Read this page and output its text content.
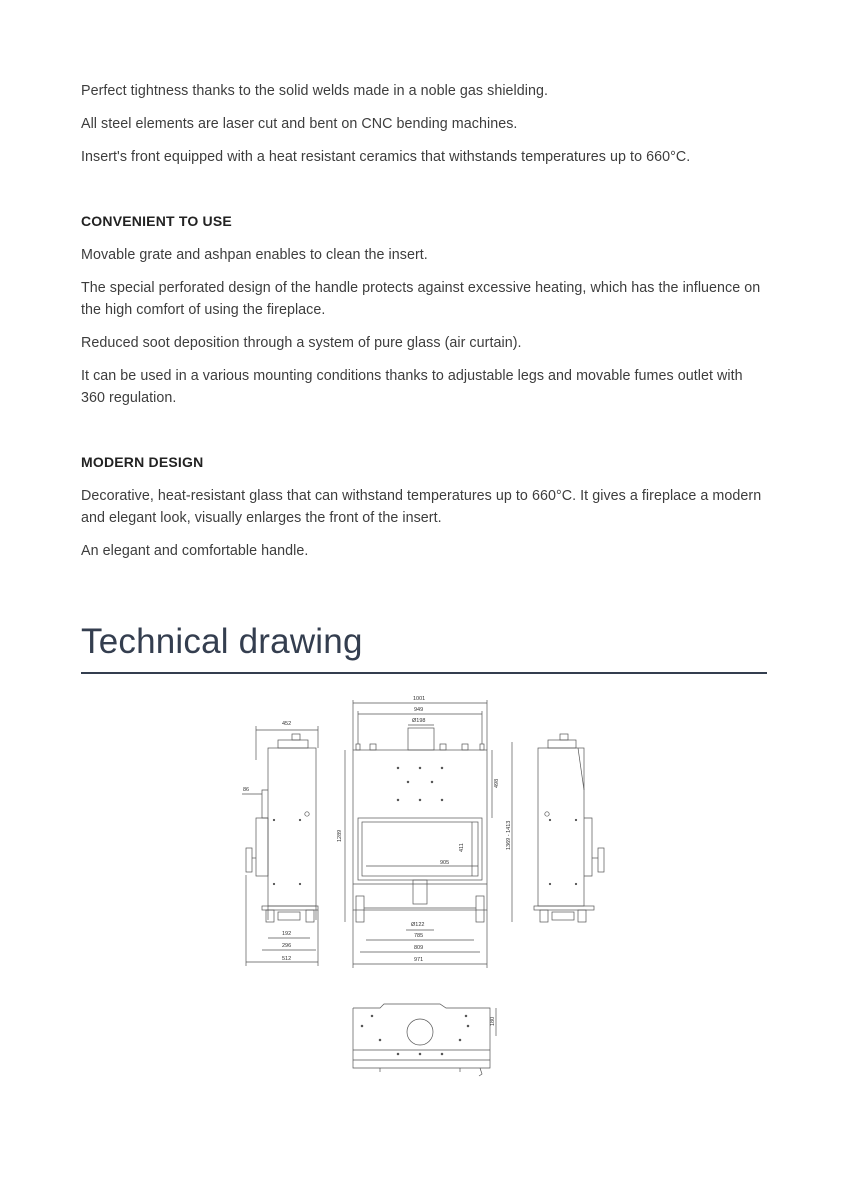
Perfect tightness thanks to the solid welds made in a noble gas shielding.

All steel elements are laser cut and bent on CNC bending machines.

Insert's front equipped with a heat resistant ceramics that withstands temperatures up to 660°C.

CONVENIENT TO USE

Movable grate and ashpan enables to clean the insert.

The special perforated design of the handle protects against excessive heating, which has the influence on the high comfort of using the fireplace.

Reduced soot deposition through a system of pure glass (air curtain).

It can be used in a various mounting conditions thanks to adjustable legs and movable fumes outlet with 360 regulation.

MODERN DESIGN

Decorative, heat-resistant glass that can withstand temperatures up to 660°C. It gives a fireplace a modern and elegant look, visually enlarges the front of the insert.

An elegant and comfortable handle.

Technical drawing
452
86
192
296
512
1001
949
Ø198
498
1289	1369 - 1413
411
905
Ø122
785
809
971
180
